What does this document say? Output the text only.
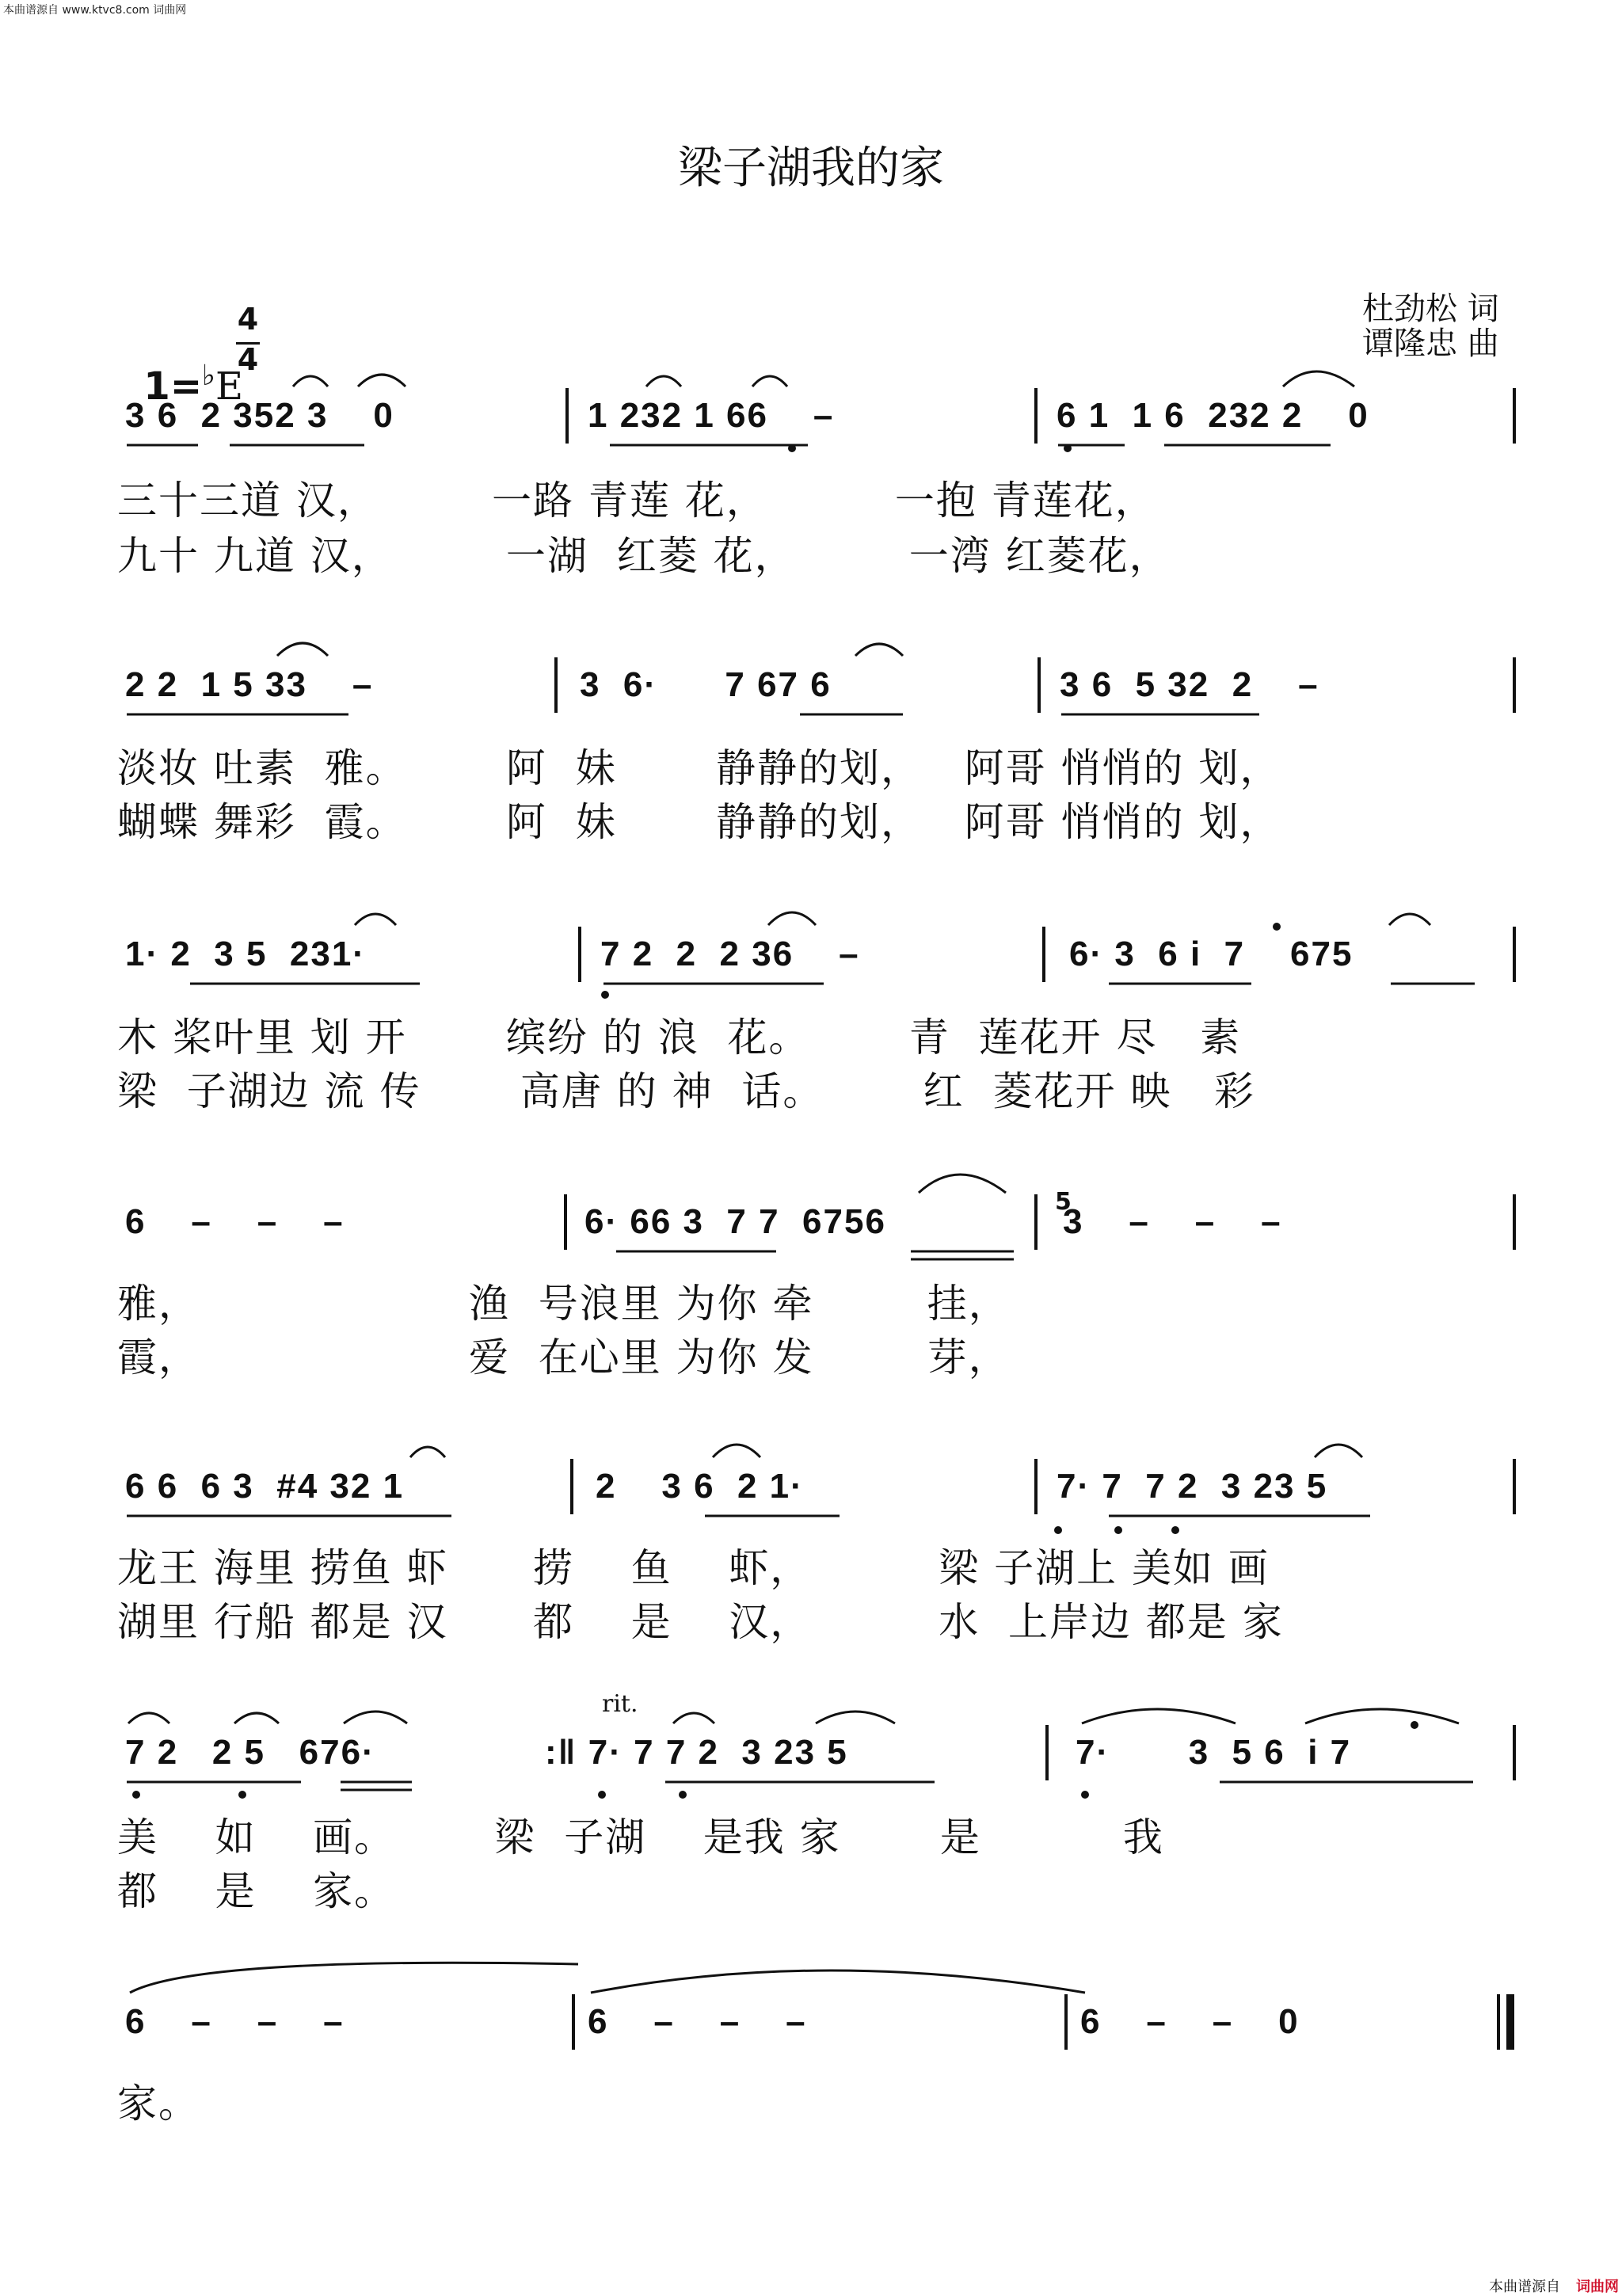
本曲谱源自 www.ktvc8.com 词曲网
梁子湖我的家
杜劲松 词
谭隆忠 曲

1=♭E

4
4
3 6  2 352 3    0	1 232 1 66    –	6 1  1 6  232 2    0
三十三道 汉，        一路 青莲 花，         一抱 青莲花，
九十 九道 汉，        一湖  红菱 花，        一湾 红菱花，
2 2  1 5 33    –	3  6·      7 67 6	3 6  5 32  2    –
淡妆 吐素  雅。       阿  妹       静静的划，   阿哥 悄悄的 划，
蝴蝶 舞彩  霞。       阿  妹       静静的划，   阿哥 悄悄的 划，
1· 2  3 5  231·	7 2  2  2 36    –	6· 3  6 i  7    675
木 桨叶里 划 开       缤纷 的 浪  花。       青  莲花开 尽   素
梁  子湖边 流 传       高唐 的 神  话。       红  菱花开 映   彩
6    –    –    –	6· 66 3  7 7  6756	3    –    –    –
5
雅，                   渔  号浪里 为你 牵        挂，
霞，                   爱  在心里 为你 发        芽，
6 6  6 3  #4 32 1	2    3 6  2 1·	7· 7  7 2  3 23 5
龙王 海里 捞鱼 虾      捞    鱼    虾，         梁 子湖上 美如 画
湖里 行船 都是 汉      都    是    汉，         水  上岸边 都是 家
rit.
7 2   2 5   676·	:‖ 7· 7 7 2  3 23 5	7·       3  5 6  i 7
美    如    画。       梁  子湖    是我 家       是          我
都    是    家。
6    –    –    –	6    –    –    –	6    –    –    0
家。
本曲谱源自 词曲网
